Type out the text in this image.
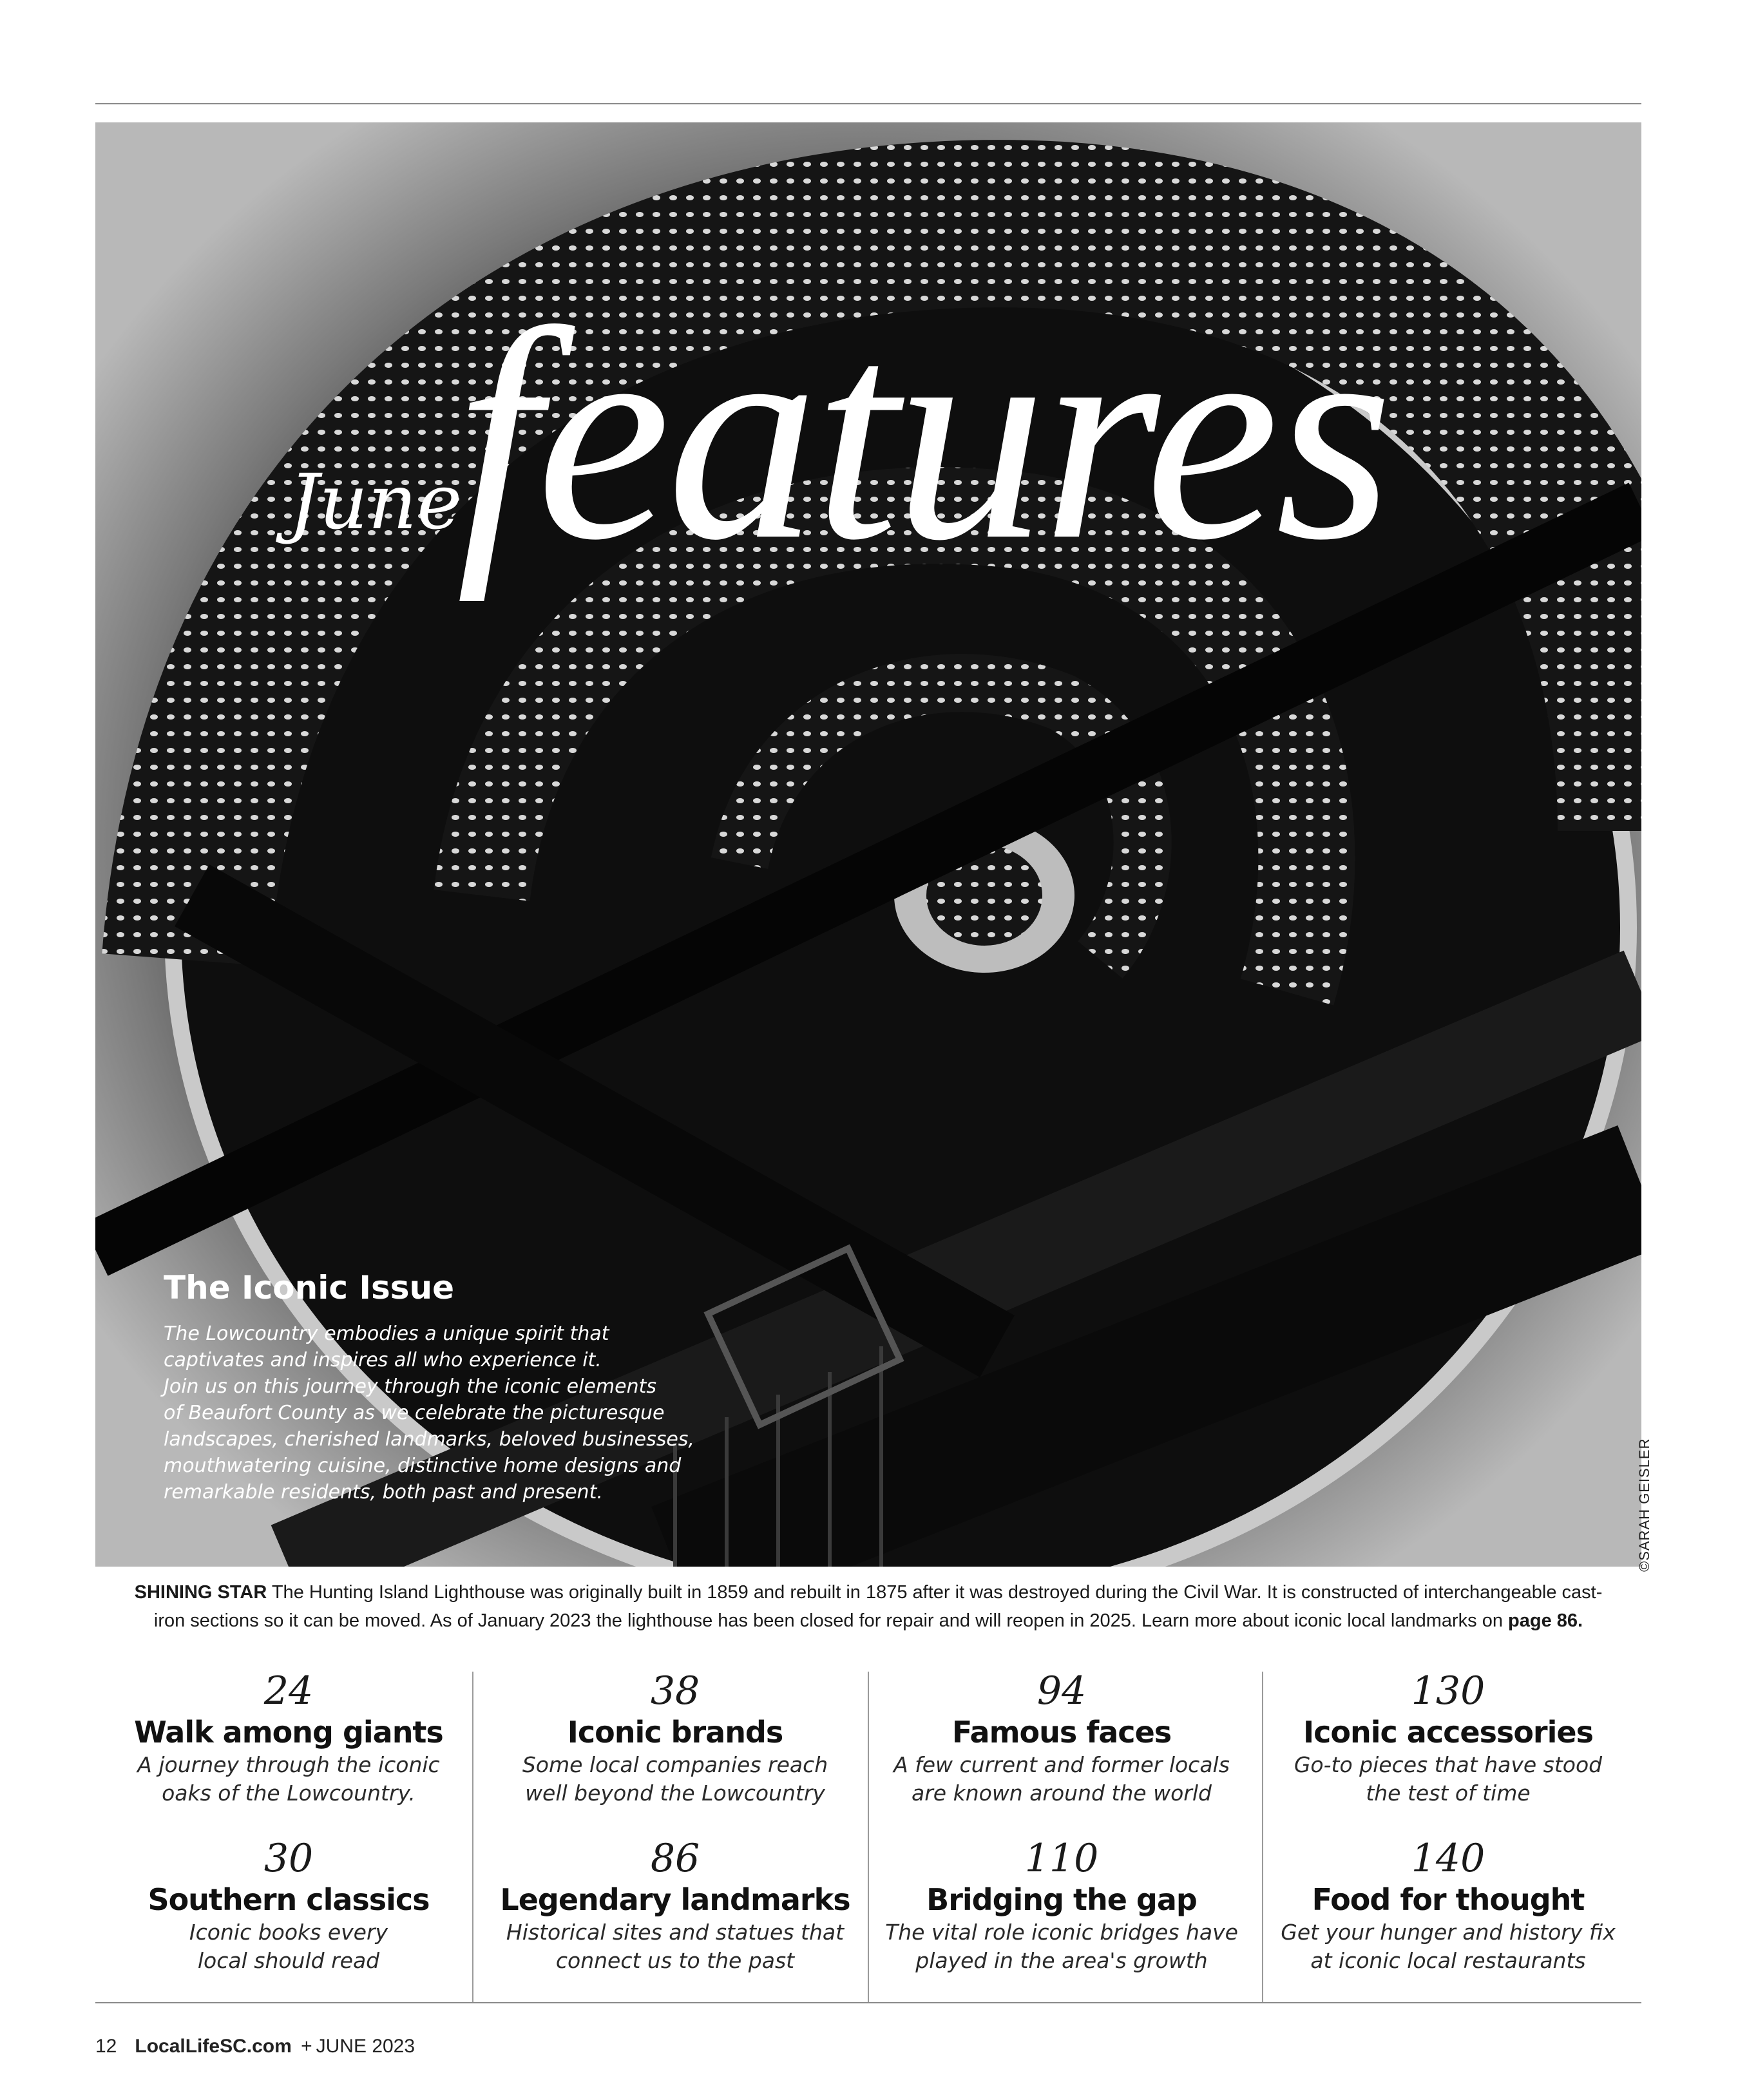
June
features
The Iconic Issue
The Lowcountry embodies a unique spirit that
captivates and inspires all who experience it.
Join us on this journey through the iconic elements
of Beaufort County as we celebrate the picturesque
landscapes, cherished landmarks, beloved businesses,
mouthwatering cuisine, distinctive home designs and
remarkable residents, both past and present.	©SARAH GEISLER
SHINING STAR The Hunting Island Lighthouse was originally built in 1859 and rebuilt in 1875 after it was destroyed during the Civil War. It is constructed of interchangeable cast-
iron sections so it can be moved. As of January 2023 the lighthouse has been closed for repair and will reopen in 2025. Learn more about iconic local landmarks on page 86.
24
Walk among giants
A journey through the iconic
oaks of the Lowcountry.
38
Iconic brands
Some local companies reach
well beyond the Lowcountry
94
Famous faces
A few current and former locals
are known around the world
130
Iconic accessories
Go-to pieces that have stood
the test of time
30
Southern classics
Iconic books every
local should read
86
Legendary landmarks
Historical sites and statues that
connect us to the past
110
Bridging the gap
The vital role iconic bridges have
played in the area's growth
140
Food for thought
Get your hunger and history fix
at iconic local restaurants
12 LocalLifeSC.com + JUNE 2023
